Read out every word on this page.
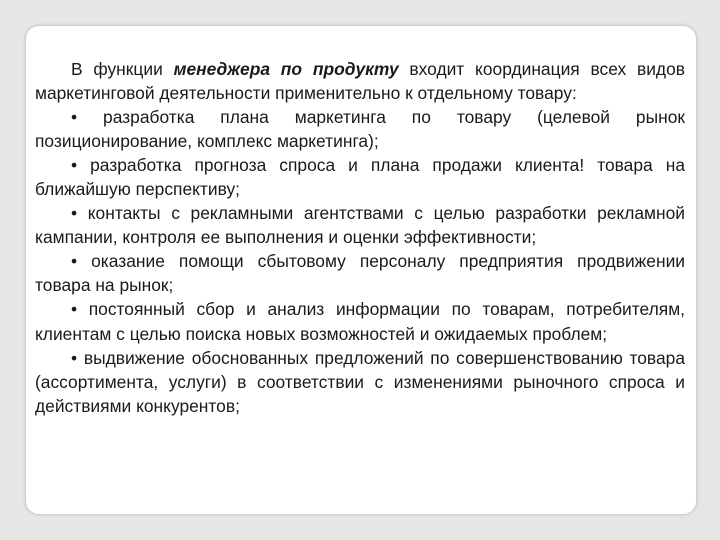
В функции менеджера по продукту входит координация всех видов маркетинговой деятельности применительно к отдельному товару:
• разработка плана маркетинга по товару (целевой рынок позиционирование, комплекс маркетинга);
• разработка прогноза спроса и плана продажи клиента! товара на ближайшую перспективу;
• контакты с рекламными агентствами с целью разработки рекламной кампании, контроля ее выполнения и оценки эффективности;
• оказание помощи сбытовому персоналу предприятия продвижении товара на рынок;
• постоянный сбор и анализ информации по товарам, потребителям, клиентам с целью поиска новых возможностей и ожидаемых проблем;
• выдвижение обоснованных предложений по совершенствованию товара (ассортимента, услуги) в соответствии с изменениями рыночного спроса и действиями конкурентов;
